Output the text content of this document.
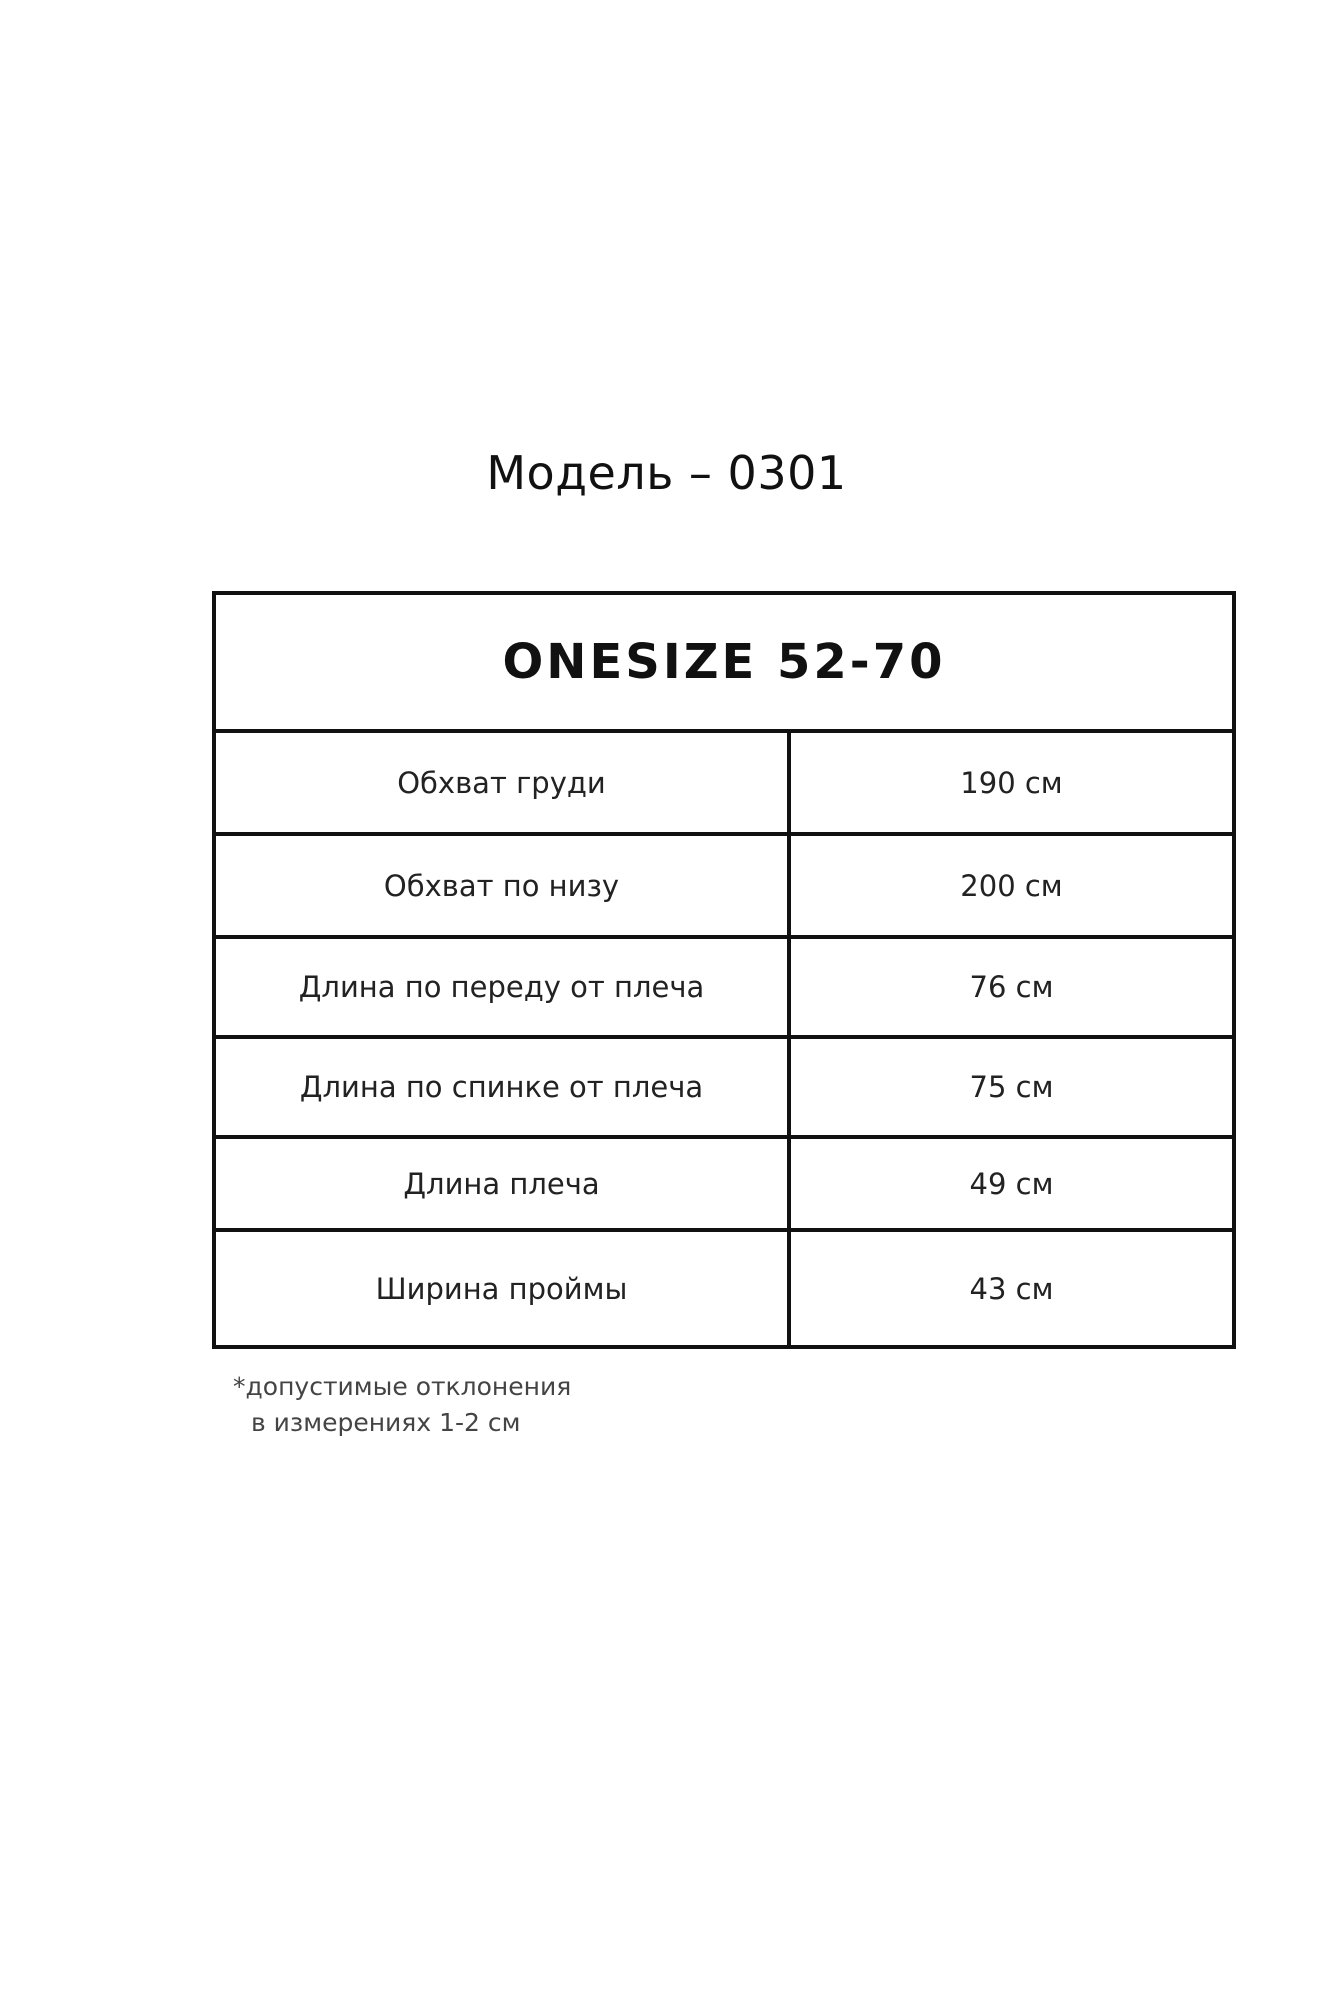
Модель – 0301
ONESIZE 52-70	
Обхват груди	190 см
Обхват по низу	200 см
Длина по переду от плеча	76 см
Длина по спинке от плеча	75 см
Длина плеча	49 см
Ширина проймы	43 см
*допустимые отклонения
в измерениях 1-2 см
